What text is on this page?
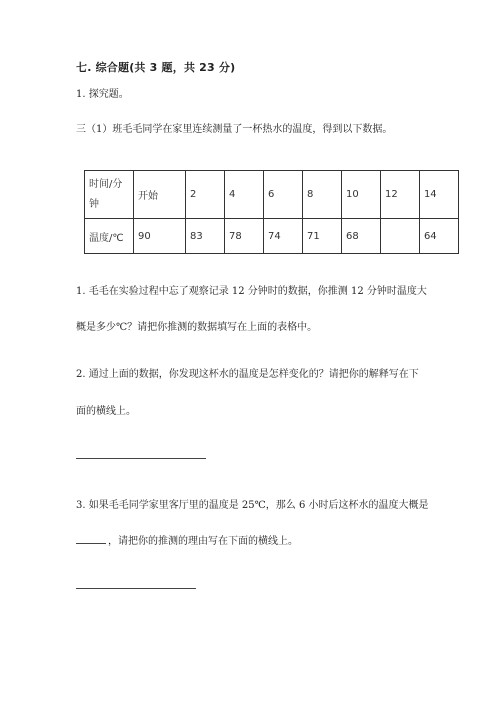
七. 综合题(共 3 题，共 23 分)
1. 探究题。
三（1）班毛毛同学在家里连续测量了一杯热水的温度，得到以下数据。
时间/分钟	开始	2	4	6	8	10	12	14
温度/℃	90	83	78	74	71	68		64
1. 毛毛在实验过程中忘了观察记录 12 分钟时的数据，你推测 12 分钟时温度大
概是多少℃？请把你推测的数据填写在上面的表格中。
2. 通过上面的数据，你发现这杯水的温度是怎样变化的？请把你的解释写在下
面的横线上。
3. 如果毛毛同学家里客厅里的温度是 25℃，那么 6 小时后这杯水的温度大概是
，请把你的推测的理由写在下面的横线上。
